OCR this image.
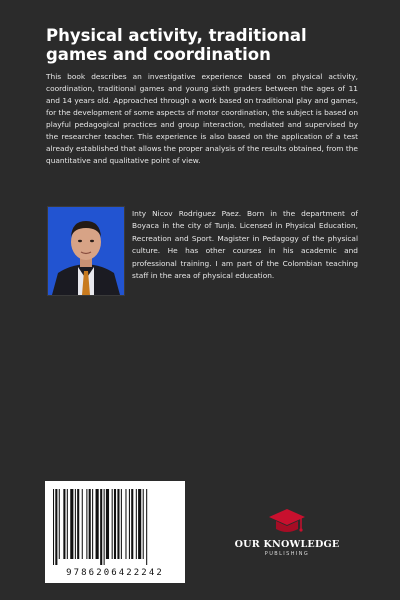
Physical activity, traditional games and coordination

This book describes an investigative experience based on physical activity, coordination, traditional games and young sixth graders between the ages of 11 and 14 years old. Approached through a work based on traditional play and games, for the development of some aspects of motor coordination, the subject is based on playful pedagogical practices and group interaction, mediated and supervised by the researcher teacher. This experience is also based on the application of a test already established that allows the proper analysis of the results obtained, from the quantitative and qualitative point of view.

Inty Nicov Rodriguez Paez. Born in the department of Boyaca in the city of Tunja. Licensed in Physical Education, Recreation and Sport. Magister in Pedagogy of the physical culture. He has other courses in his academic and professional training. I am part of the Colombian teaching staff in the area of physical education.

9786206422242
OUR KNOWLEDGE
PUBLISHING
